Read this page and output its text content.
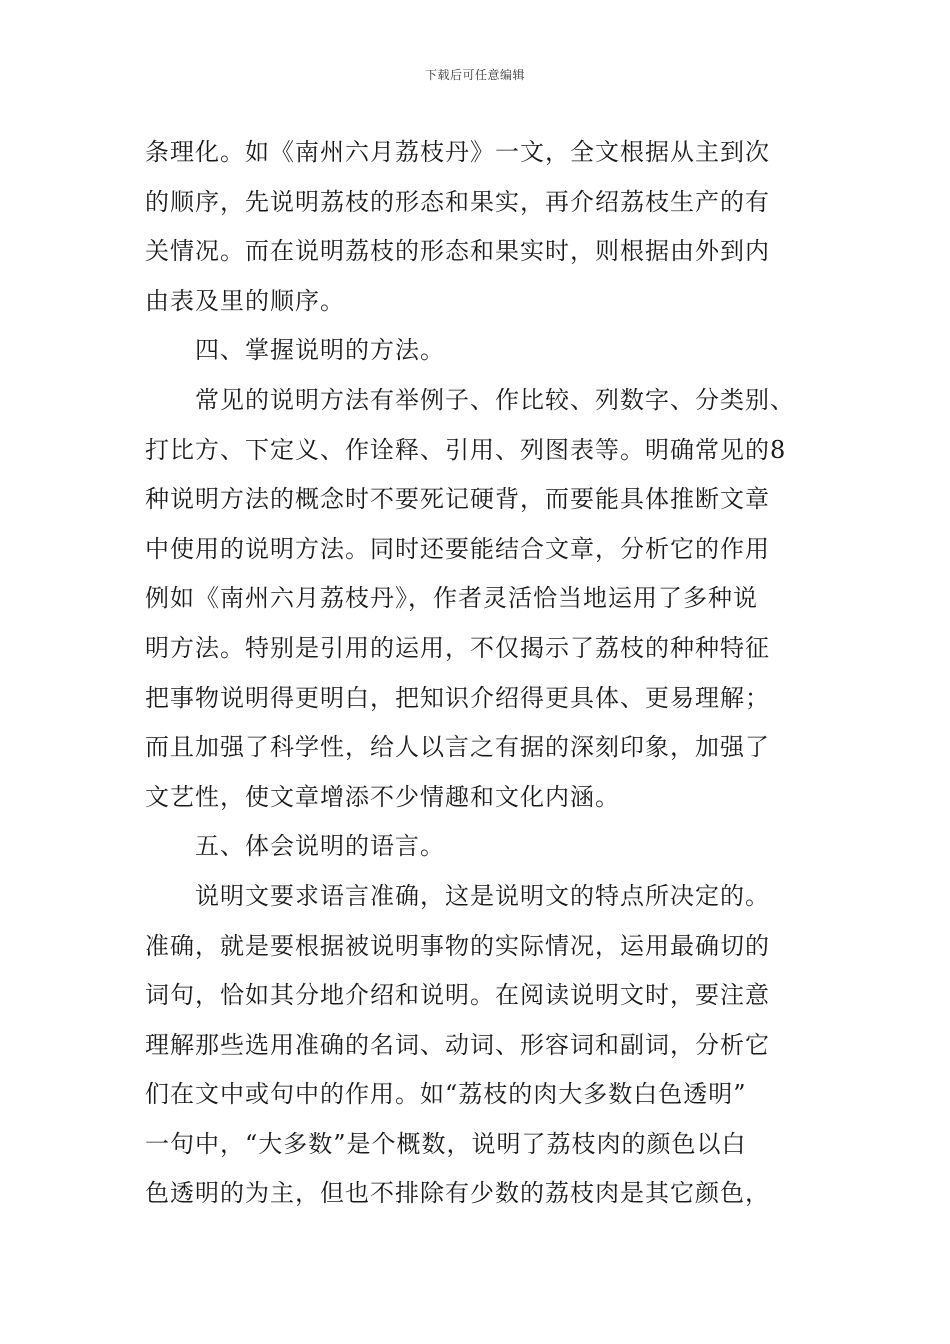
下载后可任意编辑
条理化。如《南州六月荔枝丹》一文，全文根据从主到次
的顺序，先说明荔枝的形态和果实，再介绍荔枝生产的有
关情况。而在说明荔枝的形态和果实时，则根据由外到内
由表及里的顺序。
四、掌握说明的方法。
常见的说明方法有举例子、作比较、列数字、分类别、
打比方、下定义、作诠释、引用、列图表等。明确常见的8
种说明方法的概念时不要死记硬背，而要能具体推断文章
中使用的说明方法。同时还要能结合文章，分析它的作用
例如《南州六月荔枝丹》，作者灵活恰当地运用了多种说
明方法。特别是引用的运用，不仅揭示了荔枝的种种特征
把事物说明得更明白，把知识介绍得更具体、更易理解；
而且加强了科学性，给人以言之有据的深刻印象，加强了
文艺性，使文章增添不少情趣和文化内涵。
五、体会说明的语言。
说明文要求语言准确，这是说明文的特点所决定的。
准确，就是要根据被说明事物的实际情况，运用最确切的
词句，恰如其分地介绍和说明。在阅读说明文时，要注意
理解那些选用准确的名词、动词、形容词和副词，分析它
们在文中或句中的作用。如“荔枝的肉大多数白色透明”
一句中，“大多数”是个概数，说明了荔枝肉的颜色以白
色透明的为主，但也不排除有少数的荔枝肉是其它颜色，
